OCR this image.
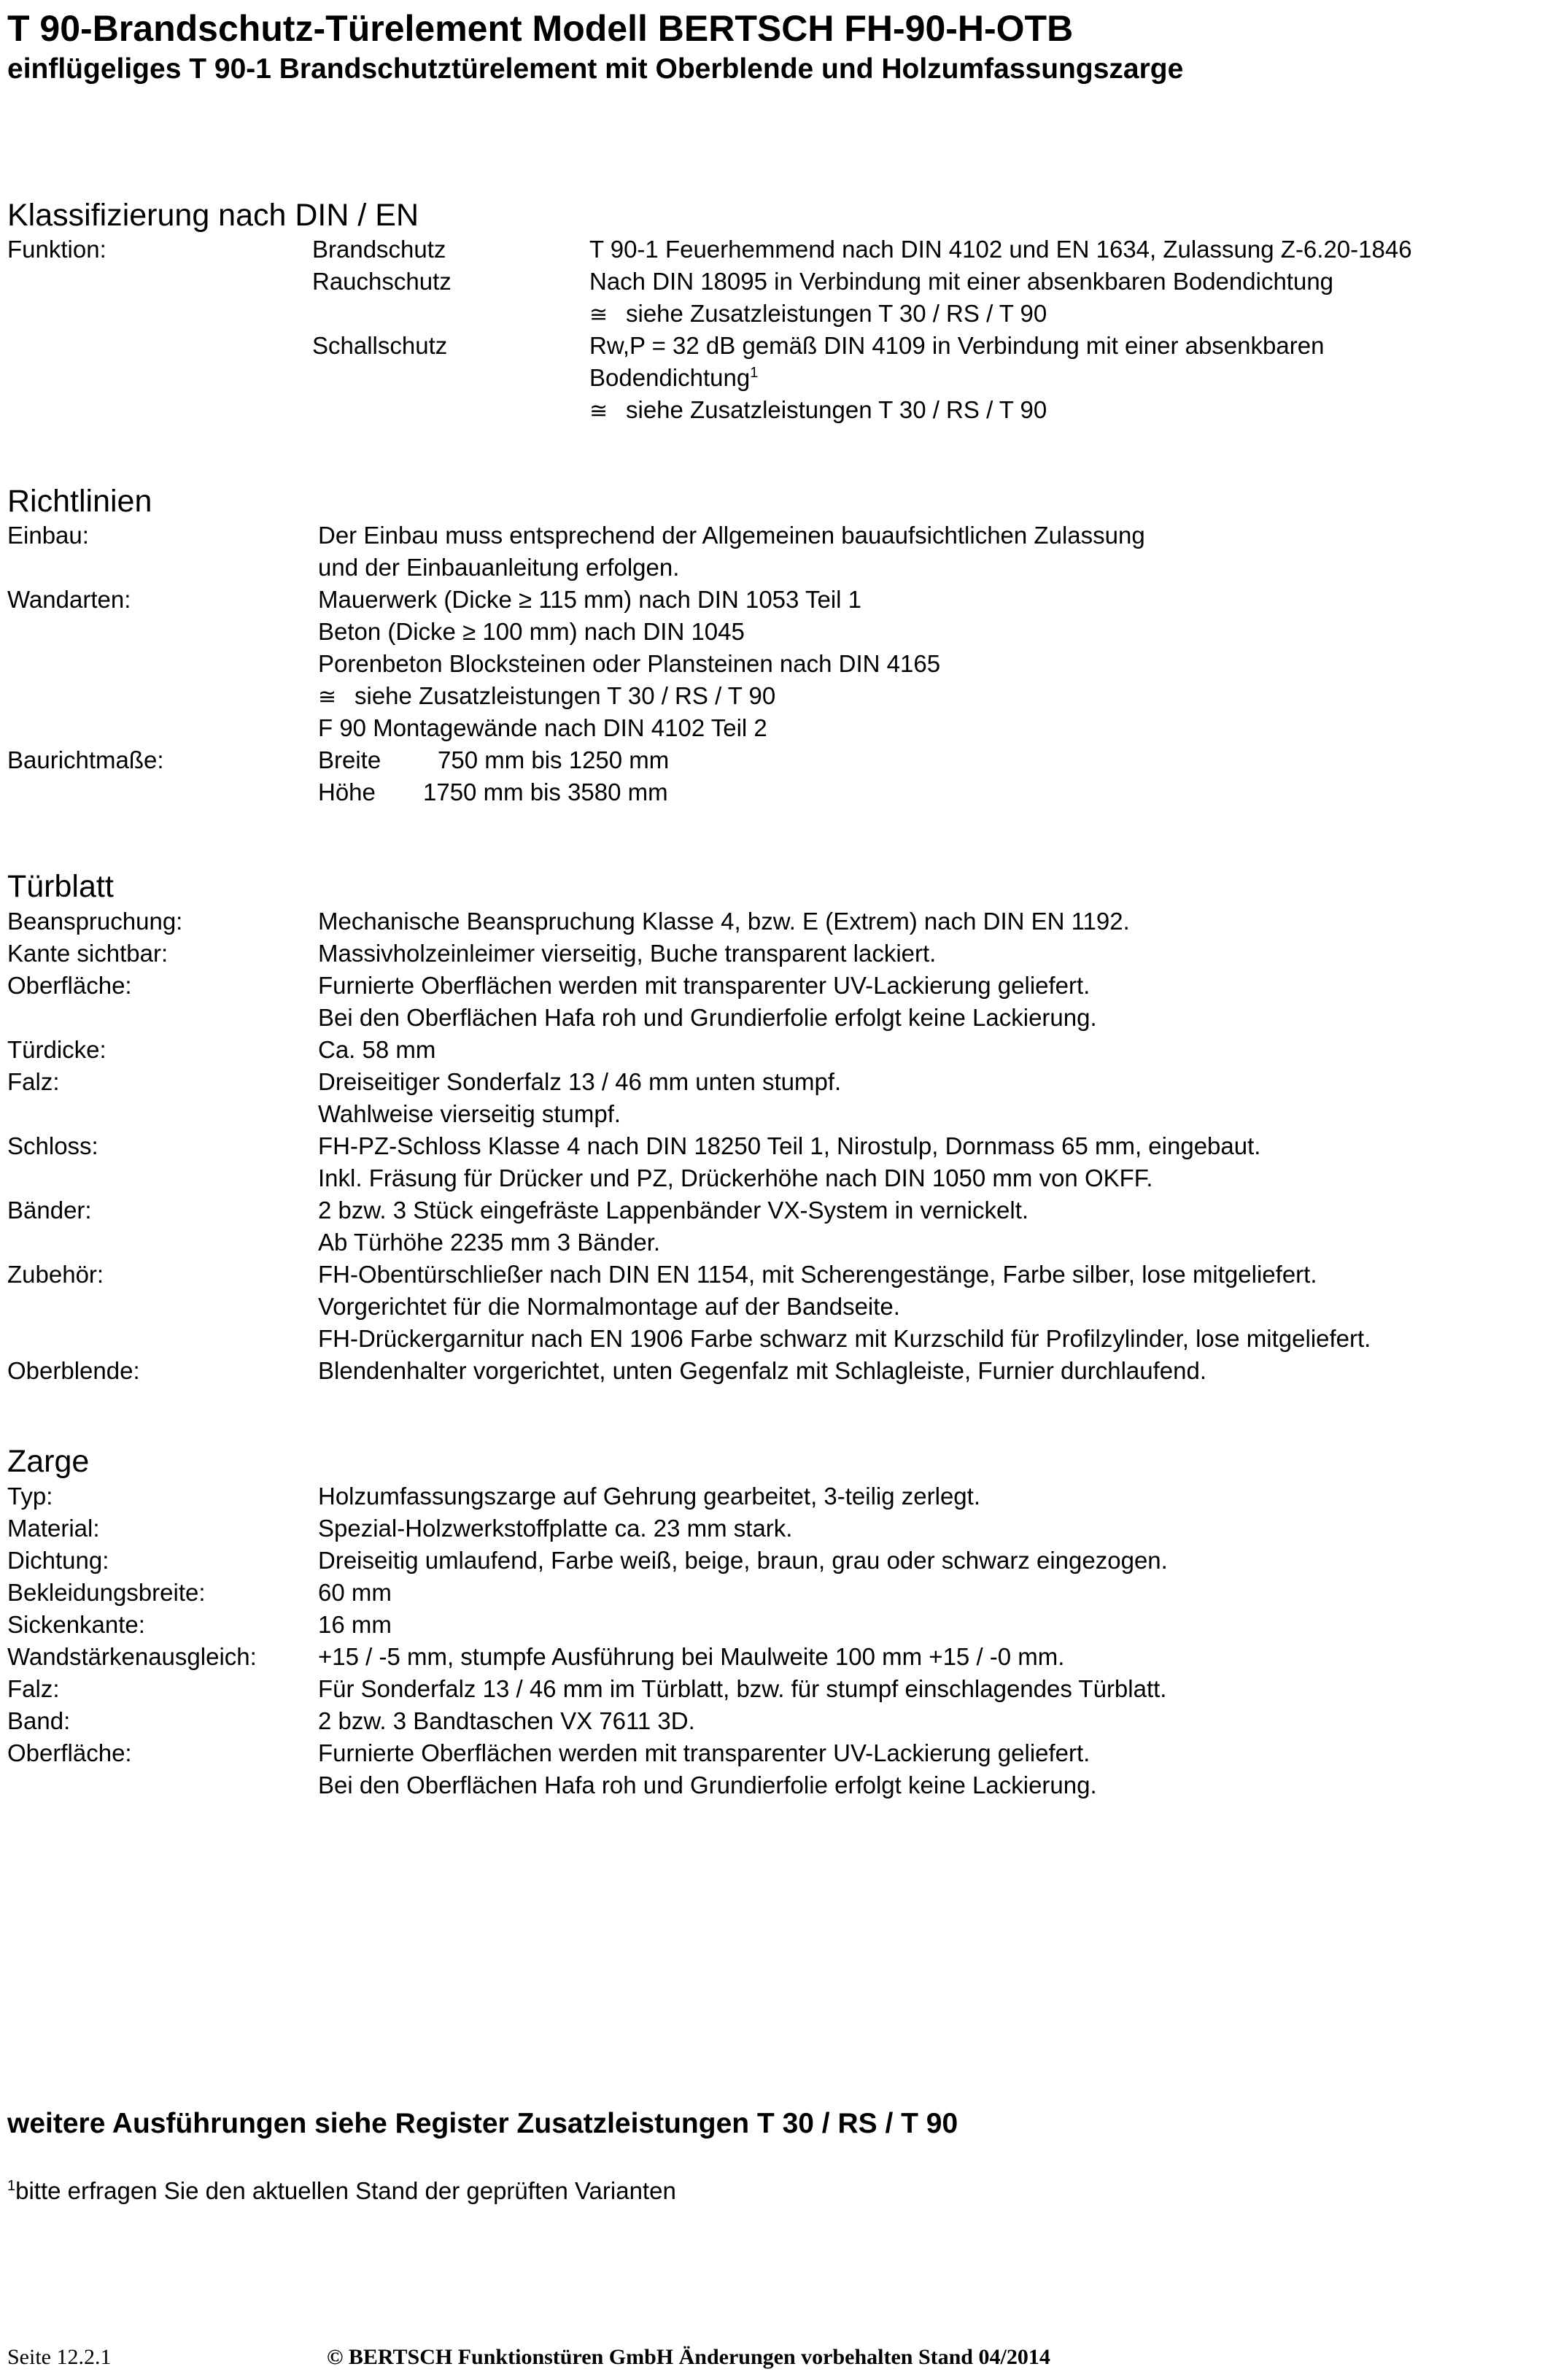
T 90-Brandschutz-Türelement Modell BERTSCH FH-90-H-OTB
einflügeliges T 90-1 Brandschutztürelement mit Oberblende und Holzumfassungszarge
Klassifizierung nach DIN / EN
Funktion:	Brandschutz	T 90-1 Feuerhemmend nach DIN 4102 und EN 1634, Zulassung Z-6.20-1846
Rauchschutz	Nach DIN 18095 in Verbindung mit einer absenkbaren Bodendichtung
≅ siehe Zusatzleistungen T 30 / RS / T 90
Schallschutz	Rw,P = 32 dB gemäß DIN 4109 in Verbindung mit einer absenkbaren
Bodendichtung$^1$
≅ siehe Zusatzleistungen T 30 / RS / T 90
Richtlinien
Einbau:	Der Einbau muss entsprechend der Allgemeinen bauaufsichtlichen Zulassung
und der Einbauanleitung erfolgen.
Wandarten:	Mauerwerk (Dicke ≥ 115 mm) nach DIN 1053 Teil 1
Beton (Dicke ≥ 100 mm) nach DIN 1045
Porenbeton Blocksteinen oder Plansteinen nach DIN 4165
≅ siehe Zusatzleistungen T 30 / RS / T 90
F 90 Montagewände nach DIN 4102 Teil 2
Baurichtmaße:	Breite 750 mm bis 1250 mm
Höhe 1750 mm bis 3580 mm
Türblatt
Beanspruchung:	Mechanische Beanspruchung Klasse 4, bzw. E (Extrem) nach DIN EN 1192.
Kante sichtbar:	Massivholzeinleimer vierseitig, Buche transparent lackiert.
Oberfläche:	Furnierte Oberflächen werden mit transparenter UV-Lackierung geliefert.
Bei den Oberflächen Hafa roh und Grundierfolie erfolgt keine Lackierung.
Türdicke:	Ca. 58 mm
Falz:	Dreiseitiger Sonderfalz 13 / 46 mm unten stumpf.
Wahlweise vierseitig stumpf.
Schloss:	FH-PZ-Schloss Klasse 4 nach DIN 18250 Teil 1, Nirostulp, Dornmass 65 mm, eingebaut.
Inkl. Fräsung für Drücker und PZ, Drückerhöhe nach DIN 1050 mm von OKFF.
Bänder:	2 bzw. 3 Stück eingefräste Lappenbänder VX-System in vernickelt.
Ab Türhöhe 2235 mm 3 Bänder.
Zubehör:	FH-Obentürschließer nach DIN EN 1154, mit Scherengestänge, Farbe silber, lose mitgeliefert.
Vorgerichtet für die Normalmontage auf der Bandseite.
FH-Drückergarnitur nach EN 1906 Farbe schwarz mit Kurzschild für Profilzylinder, lose mitgeliefert.
Oberblende:	Blendenhalter vorgerichtet, unten Gegenfalz mit Schlagleiste, Furnier durchlaufend.
Zarge
Typ:	Holzumfassungszarge auf Gehrung gearbeitet, 3-teilig zerlegt.
Material:	Spezial-Holzwerkstoffplatte ca. 23 mm stark.
Dichtung:	Dreiseitig umlaufend, Farbe weiß, beige, braun, grau oder schwarz eingezogen.
Bekleidungsbreite:	60 mm
Sickenkante:	16 mm
Wandstärkenausgleich:	+15 / -5 mm, stumpfe Ausführung bei Maulweite 100 mm +15 / -0 mm.
Falz:	Für Sonderfalz 13 / 46 mm im Türblatt, bzw. für stumpf einschlagendes Türblatt.
Band:	2 bzw. 3 Bandtaschen VX 7611 3D.
Oberfläche:	Furnierte Oberflächen werden mit transparenter UV-Lackierung geliefert.
Bei den Oberflächen Hafa roh und Grundierfolie erfolgt keine Lackierung.
weitere Ausführungen siehe Register Zusatzleistungen T 30 / RS / T 90
$^1$bitte erfragen Sie den aktuellen Stand der geprüften Varianten
Seite 12.2.1	© BERTSCH Funktionstüren GmbH Änderungen vorbehalten Stand 04/2014
